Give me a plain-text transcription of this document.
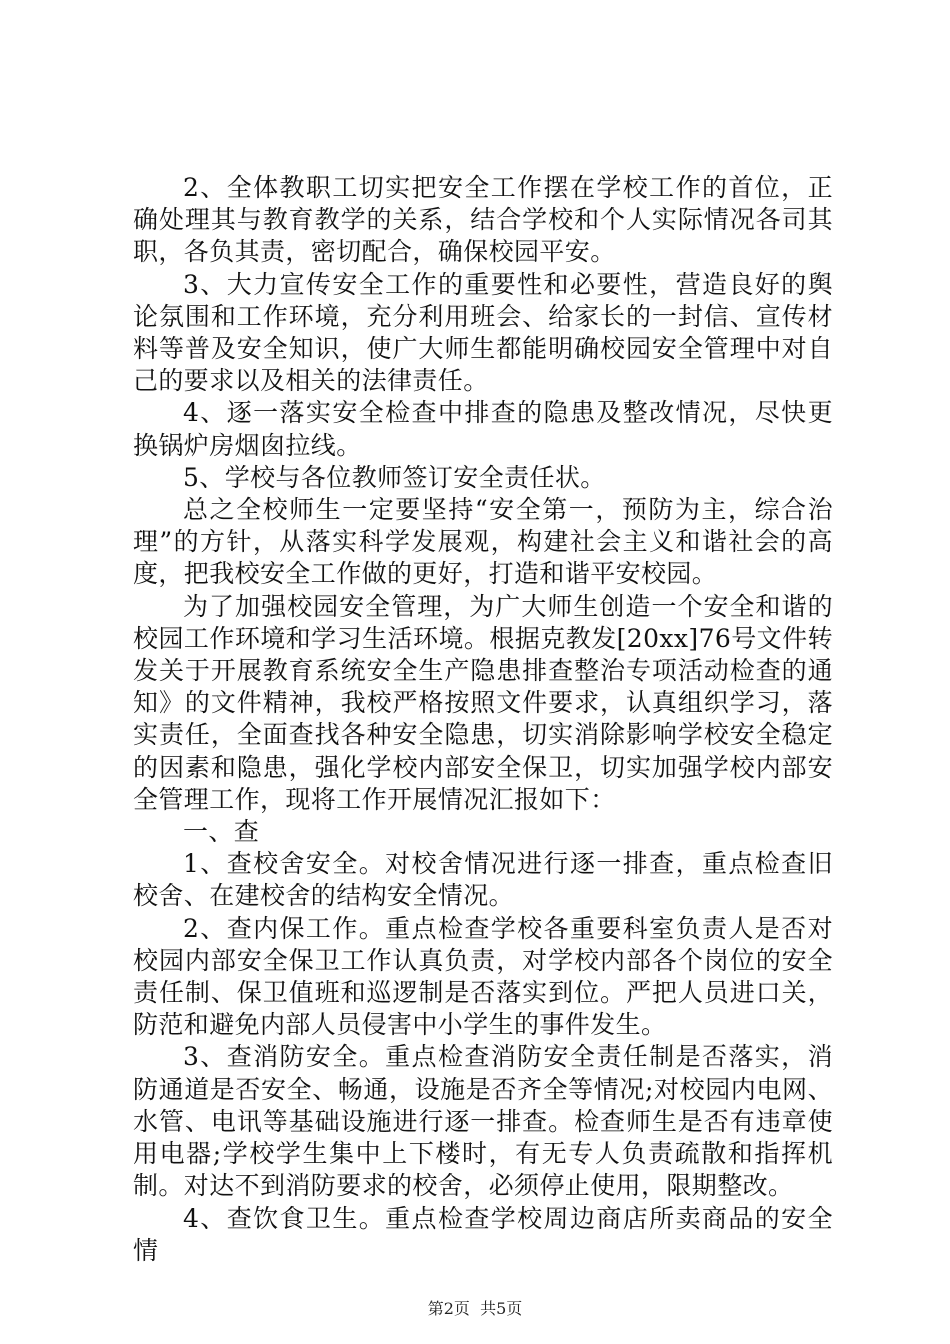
2、全体教职工切实把安全工作摆在学校工作的首位，正确处理其与教育教学的关系，结合学校和个人实际情况各司其职，各负其责，密切配合，确保校园平安。

3、大力宣传安全工作的重要性和必要性，营造良好的舆论氛围和工作环境，充分利用班会、给家长的一封信、宣传材料等普及安全知识，使广大师生都能明确校园安全管理中对自己的要求以及相关的法律责任。

4、逐一落实安全检查中排查的隐患及整改情况，尽快更换锅炉房烟囱拉线。

5、学校与各位教师签订安全责任状。

总之全校师生一定要坚持“安全第一，预防为主，综合治理”的方针，从落实科学发展观，构建社会主义和谐社会的高度，把我校安全工作做的更好，打造和谐平安校园。

为了加强校园安全管理，为广大师生创造一个安全和谐的校园工作环境和学习生活环境。根据克教发[20xx]76号文件转发关于开展教育系统安全生产隐患排查整治专项活动检查的通知》的文件精神，我校严格按照文件要求，认真组织学习，落实责任，全面查找各种安全隐患，切实消除影响学校安全稳定的因素和隐患，强化学校内部安全保卫，切实加强学校内部安全管理工作，现将工作开展情况汇报如下：

一、查

1、查校舍安全。对校舍情况进行逐一排查，重点检查旧校舍、在建校舍的结构安全情况。

2、查内保工作。重点检查学校各重要科室负责人是否对校园内部安全保卫工作认真负责，对学校内部各个岗位的安全责任制、保卫值班和巡逻制是否落实到位。严把人员进口关，防范和避免内部人员侵害中小学生的事件发生。

3、查消防安全。重点检查消防安全责任制是否落实，消防通道是否安全、畅通，设施是否齐全等情况;对校园内电网、水管、电讯等基础设施进行逐一排查。检查师生是否有违章使用电器;学校学生集中上下楼时，有无专人负责疏散和指挥机制。对达不到消防要求的校舍，必须停止使用，限期整改。

4、查饮食卫生。重点检查学校周边商店所卖商品的安全情

第2页  共5页
